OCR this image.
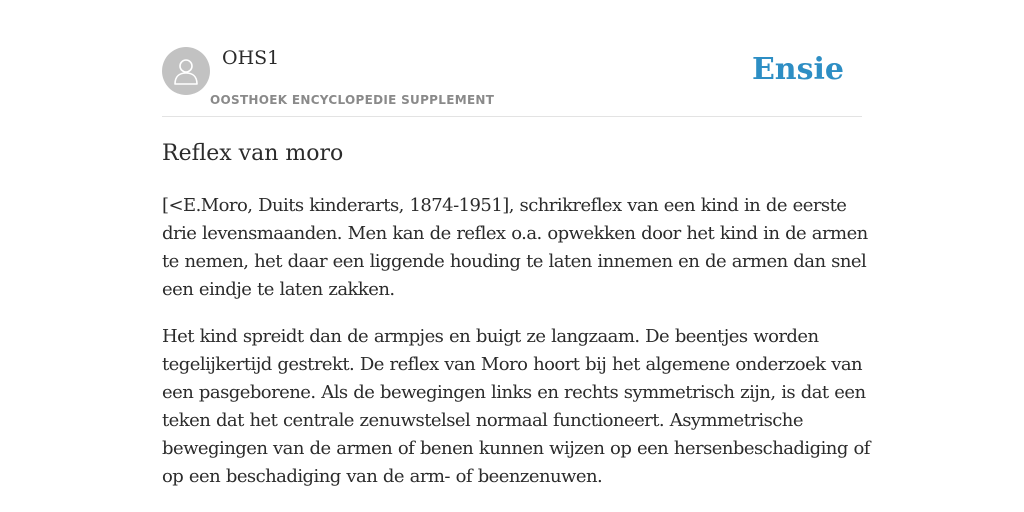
OHS1
OOSTHOEK ENCYCLOPEDIE SUPPLEMENT
Ensie
Reflex van moro

[<E.Moro, Duits kinderarts, 1874-1951], schrikreflex van een kind in de eerste drie levensmaanden. Men kan de reflex o.a. opwekken door het kind in de armen te nemen, het daar een liggende houding te laten innemen en de armen dan snel een eindje te laten zakken.

Het kind spreidt dan de armpjes en buigt ze langzaam. De beentjes worden tegelijkertijd gestrekt. De reflex van Moro hoort bij het algemene onderzoek van een pasgeborene. Als de bewegingen links en rechts symmetrisch zijn, is dat een teken dat het centrale zenuwstelsel normaal functioneert. Asymmetrische bewegingen van de armen of benen kunnen wijzen op een hersenbeschadiging of op een beschadiging van de arm- of beenzenuwen.
